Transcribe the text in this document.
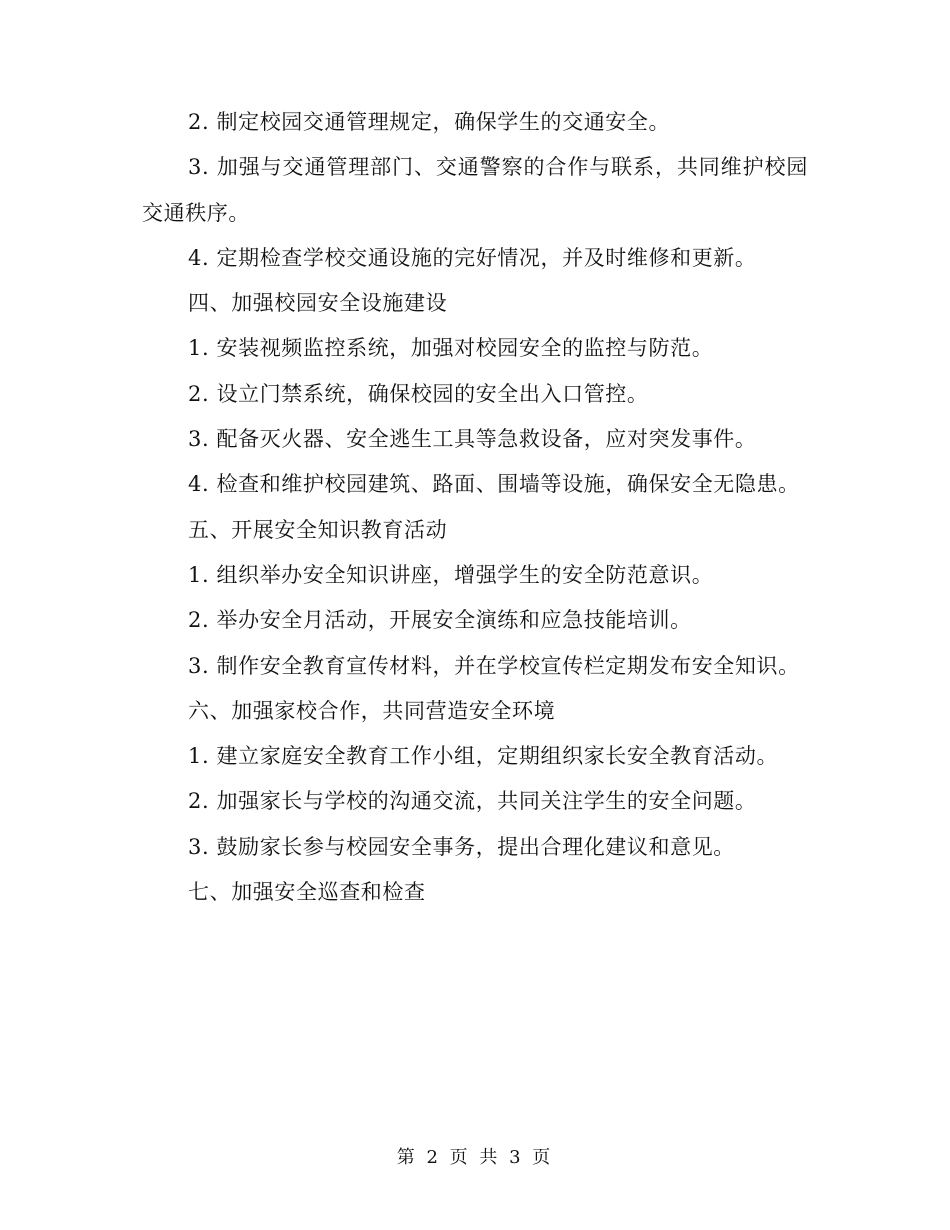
2. 制定校园交通管理规定，确保学生的交通安全。

3. 加强与交通管理部门、交通警察的合作与联系，共同维护校园交通秩序。

4. 定期检查学校交通设施的完好情况，并及时维修和更新。

四、加强校园安全设施建设

1. 安装视频监控系统，加强对校园安全的监控与防范。

2. 设立门禁系统，确保校园的安全出入口管控。

3. 配备灭火器、安全逃生工具等急救设备，应对突发事件。

4. 检查和维护校园建筑、路面、围墙等设施，确保安全无隐患。

五、开展安全知识教育活动

1. 组织举办安全知识讲座，增强学生的安全防范意识。

2. 举办安全月活动，开展安全演练和应急技能培训。

3. 制作安全教育宣传材料，并在学校宣传栏定期发布安全知识。

六、加强家校合作，共同营造安全环境

1. 建立家庭安全教育工作小组，定期组织家长安全教育活动。

2. 加强家长与学校的沟通交流，共同关注学生的安全问题。

3. 鼓励家长参与校园安全事务，提出合理化建议和意见。

七、加强安全巡查和检查

第 2 页 共 3 页
